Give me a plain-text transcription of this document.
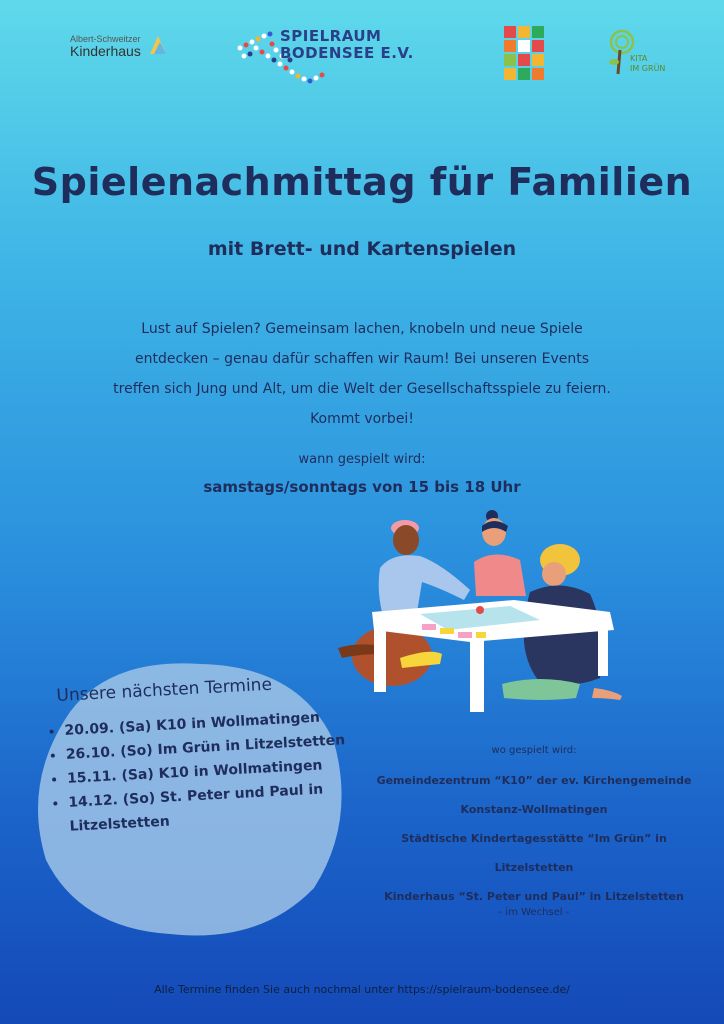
Albert-Schweitzer
Kinderhaus
SPIELRAUM
BODENSEE E.V.	KITA
IM GRÜN
Spielenachmittag für Familien
mit Brett- und Kartenspielen
Lust auf Spielen? Gemeinsam lachen, knobeln und neue Spiele entdecken – genau dafür schaffen wir Raum! Bei unseren Events treffen sich Jung und Alt, um die Welt der Gesellschaftsspiele zu feiern. Kommt vorbei!
wann gespielt wird:
samstags/sonntags von 15 bis 18 Uhr
Unsere nächsten Termine
• 20.09. (Sa) K10 in Wollmatingen
• 26.10. (So) Im Grün in Litzelstetten
• 15.11. (Sa) K10 in Wollmatingen
• 14.12. (So) St. Peter und Paul in Litzelstetten
wo gespielt wird:
Gemeindezentrum “K10” der ev. Kirchengemeinde
Konstanz-Wollmatingen
Städtische Kindertagesstätte “Im Grün” in
Litzelstetten
Kinderhaus “St. Peter und Paul” in Litzelstetten
- im Wechsel -
Alle Termine finden Sie auch nochmal unter https://spielraum-bodensee.de/
